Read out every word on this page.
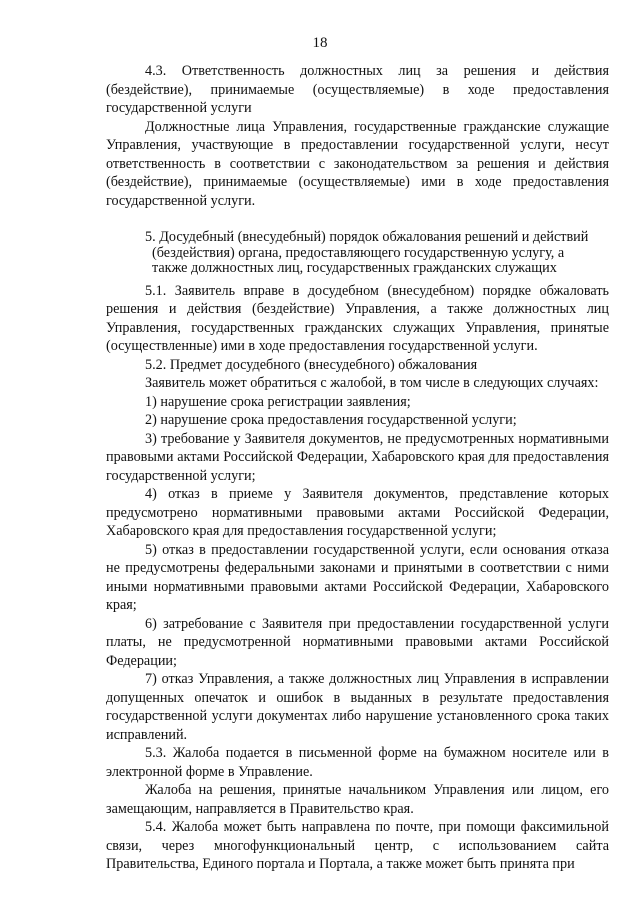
18

4.3. Ответственность должностных лиц за решения и действия (бездействие), принимаемые (осуществляемые) в ходе предоставления государственной услуги

Должностные лица Управления, государственные гражданские служащие Управления, участвующие в предоставлении государственной услуги, несут ответственность в соответствии с законодательством за решения и действия (бездействие), принимаемые (осуществляемые) ими в ходе предоставления государственной услуги.

5. Досудебный (внесудебный) порядок обжалования решений и действий
(бездействия) органа, предоставляющего государственную услугу, а
также должностных лиц, государственных гражданских служащих

5.1. Заявитель вправе в досудебном (внесудебном) порядке обжаловать решения и действия (бездействие) Управления, а также должностных лиц Управления, государственных гражданских служащих Управления, принятые (осуществленные) ими в ходе предоставления государственной услуги.

5.2. Предмет досудебного (внесудебного) обжалования

Заявитель может обратиться с жалобой, в том числе в следующих случаях:

1) нарушение срока регистрации заявления;

2) нарушение срока предоставления государственной услуги;

3) требование у Заявителя документов, не предусмотренных нормативными правовыми актами Российской Федерации, Хабаровского края для предоставления государственной услуги;

4) отказ в приеме у Заявителя документов, представление которых предусмотрено нормативными правовыми актами Российской Федерации, Хабаровского края для предоставления государственной услуги;

5) отказ в предоставлении государственной услуги, если основания отказа не предусмотрены федеральными законами и принятыми в соответствии с ними иными нормативными правовыми актами Российской Федерации, Хабаровского края;

6) затребование с Заявителя при предоставлении государственной услуги платы, не предусмотренной нормативными правовыми актами Российской Федерации;

7) отказ Управления, а также должностных лиц Управления в исправлении допущенных опечаток и ошибок в выданных в результате предоставления государственной услуги документах либо нарушение установленного срока таких исправлений.

5.3. Жалоба подается в письменной форме на бумажном носителе или в электронной форме в Управление.

Жалоба на решения, принятые начальником Управления или лицом, его замещающим, направляется в Правительство края.

5.4. Жалоба может быть направлена по почте, при помощи факсимильной связи, через многофункциональный центр, с использованием сайта Правительства, Единого портала и Портала, а также может быть принята при
